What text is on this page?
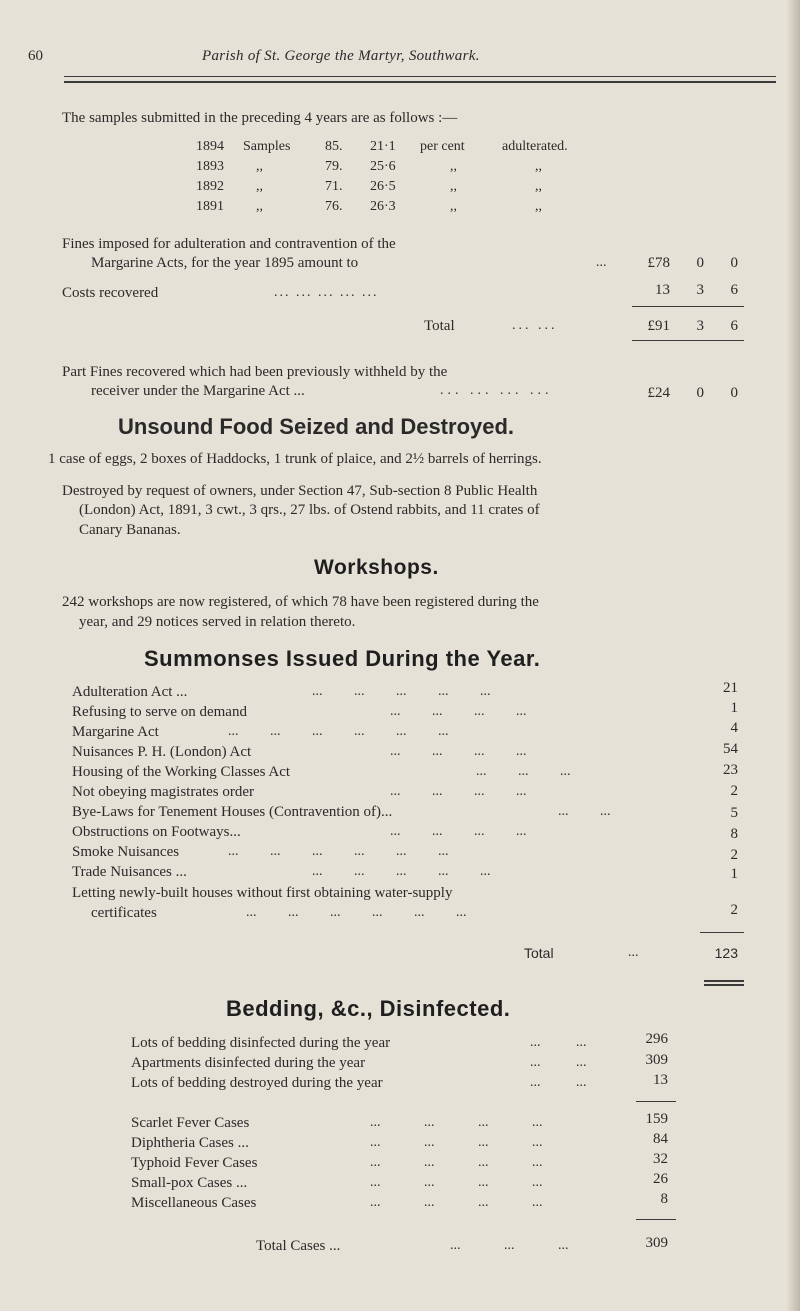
60	Parish of St. George the Martyr, Southwark.
The samples submitted in the preceding 4 years are as follows :—
1894 Samples 85. 21·1 per cent	adulterated.
1893 ,,	79. 25·6	,,	,,
1892 ,,	71. 26·5	,,	,,
1891 ,,	76. 26·3	,,	,,
Fines imposed for adulteration and contravention of the
Margarine Acts, for the year 1895 amount to	...	£78	0	0
Costs recovered	... ... ... ... ...	13	3	6
Total	... ...	£91	3	6
Part Fines recovered which had been previously withheld by the
receiver under the Margarine Act ...	... ... ... ...	£24	0	0
Unsound Food Seized and Destroyed.
1 case of eggs, 2 boxes of Haddocks, 1 trunk of plaice, and 2½ barrels of herrings.
Destroyed by request of owners, under Section 47, Sub-section 8 Public Health
(London) Act, 1891, 3 cwt., 3 qrs., 27 lbs. of Ostend rabbits, and 11 crates of
Canary Bananas.
Workshops.
242 workshops are now registered, of which 78 have been registered during the
year, and 29 notices served in relation thereto.
Summonses Issued During the Year.
Adulteration Act ...	... ... ... ... ...	21
Refusing to serve on demand	... ... ... ...	1
Margarine Act	... ... ... ... ... ...	4
Nuisances P. H. (London) Act	... ... ... ...	54
Housing of the Working Classes Act	... ... ...	23
Not obeying magistrates order	... ... ... ...	2
Bye-Laws for Tenement Houses (Contravention of)...	... ...	5
Obstructions on Footways...	... ... ... ...	8
Smoke Nuisances	... ... ... ... ... ...	2
Trade Nuisances ...	... ... ... ... ...	1
Letting newly-built houses without first obtaining water-supply
certificates	... ... ... ... ... ...	2
Total	...	123
Bedding, &c., Disinfected.
Lots of bedding disinfected during the year	... ...	296
Apartments disinfected during the year	... ...	309
Lots of bedding destroyed during the year	... ...	13
Scarlet Fever Cases	... ... ... ...	159
Diphtheria Cases ...	... ... ... ...	84
Typhoid Fever Cases	... ... ... ...	32
Small-pox Cases ...	... ... ... ...	26
Miscellaneous Cases	... ... ... ...	8
Total Cases ...	... ... ...	309
